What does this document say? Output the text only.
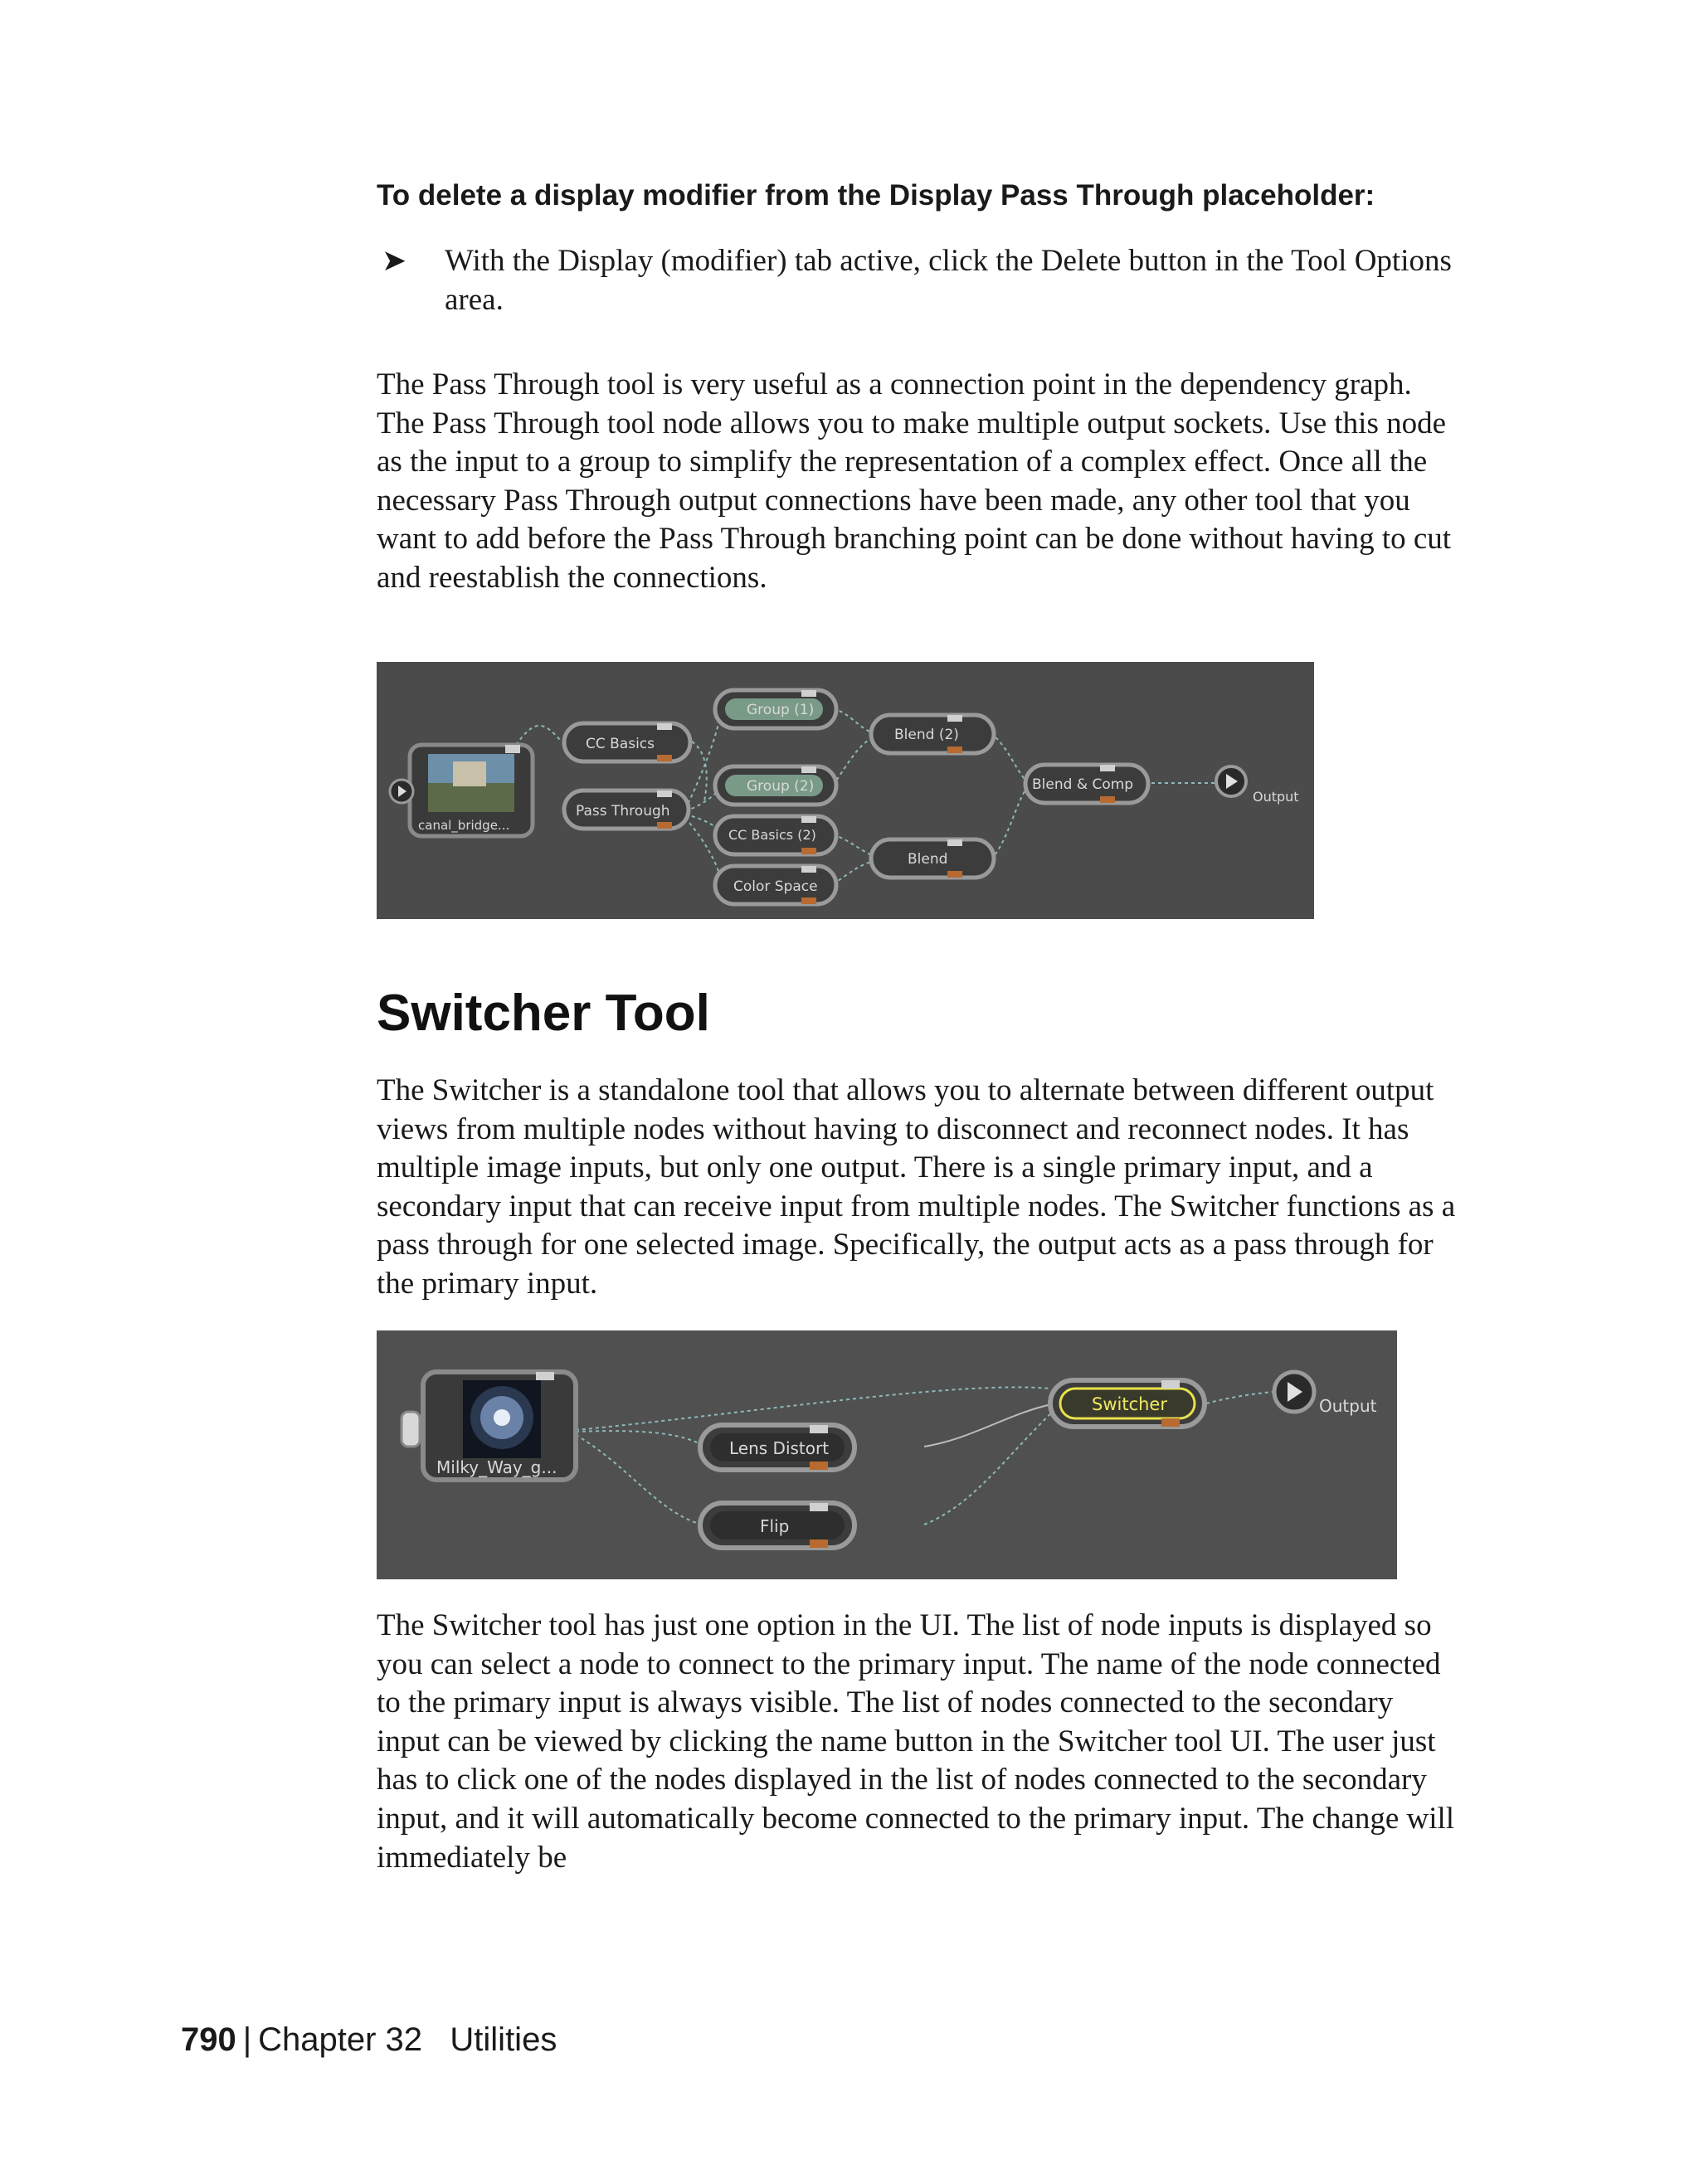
To delete a display modifier from the Display Pass Through placeholder:
➤ With the Display (modifier) tab active, click the Delete button in the Tool Options area.

The Pass Through tool is very useful as a connection point in the dependency graph. The Pass Through tool node allows you to make multiple output sockets. Use this node as the input to a group to simplify the representation of a complex effect. Once all the necessary Pass Through output connections have been made, any other tool that you want to add before the Pass Through branching point can be done without having to cut and reestablish the connections.

canal_bridge...
CC Basics
Pass Through
Group (1)
Group (2)
CC Basics (2)
Color Space
Blend (2)
Blend
Blend & Comp
Output
Switcher Tool

The Switcher is a standalone tool that allows you to alternate between different output views from multiple nodes without having to disconnect and reconnect nodes. It has multiple image inputs, but only one output. There is a single primary input, and a secondary input that can receive input from multiple nodes. The Switcher functions as a pass through for one selected image. Specifically, the output acts as a pass through for the primary input.

Milky_Way_g...
Lens Distort
Flip
Switcher	Output

The Switcher tool has just one option in the UI. The list of node inputs is displayed so you can select a node to connect to the primary input. The name of the node connected to the primary input is always visible. The list of nodes connected to the secondary input can be viewed by clicking the name button in the Switcher tool UI. The user just has to click one of the nodes displayed in the list of nodes connected to the secondary input, and it will automatically become connected to the primary input. The change will immediately be

790 | Chapter 32 Utilities
